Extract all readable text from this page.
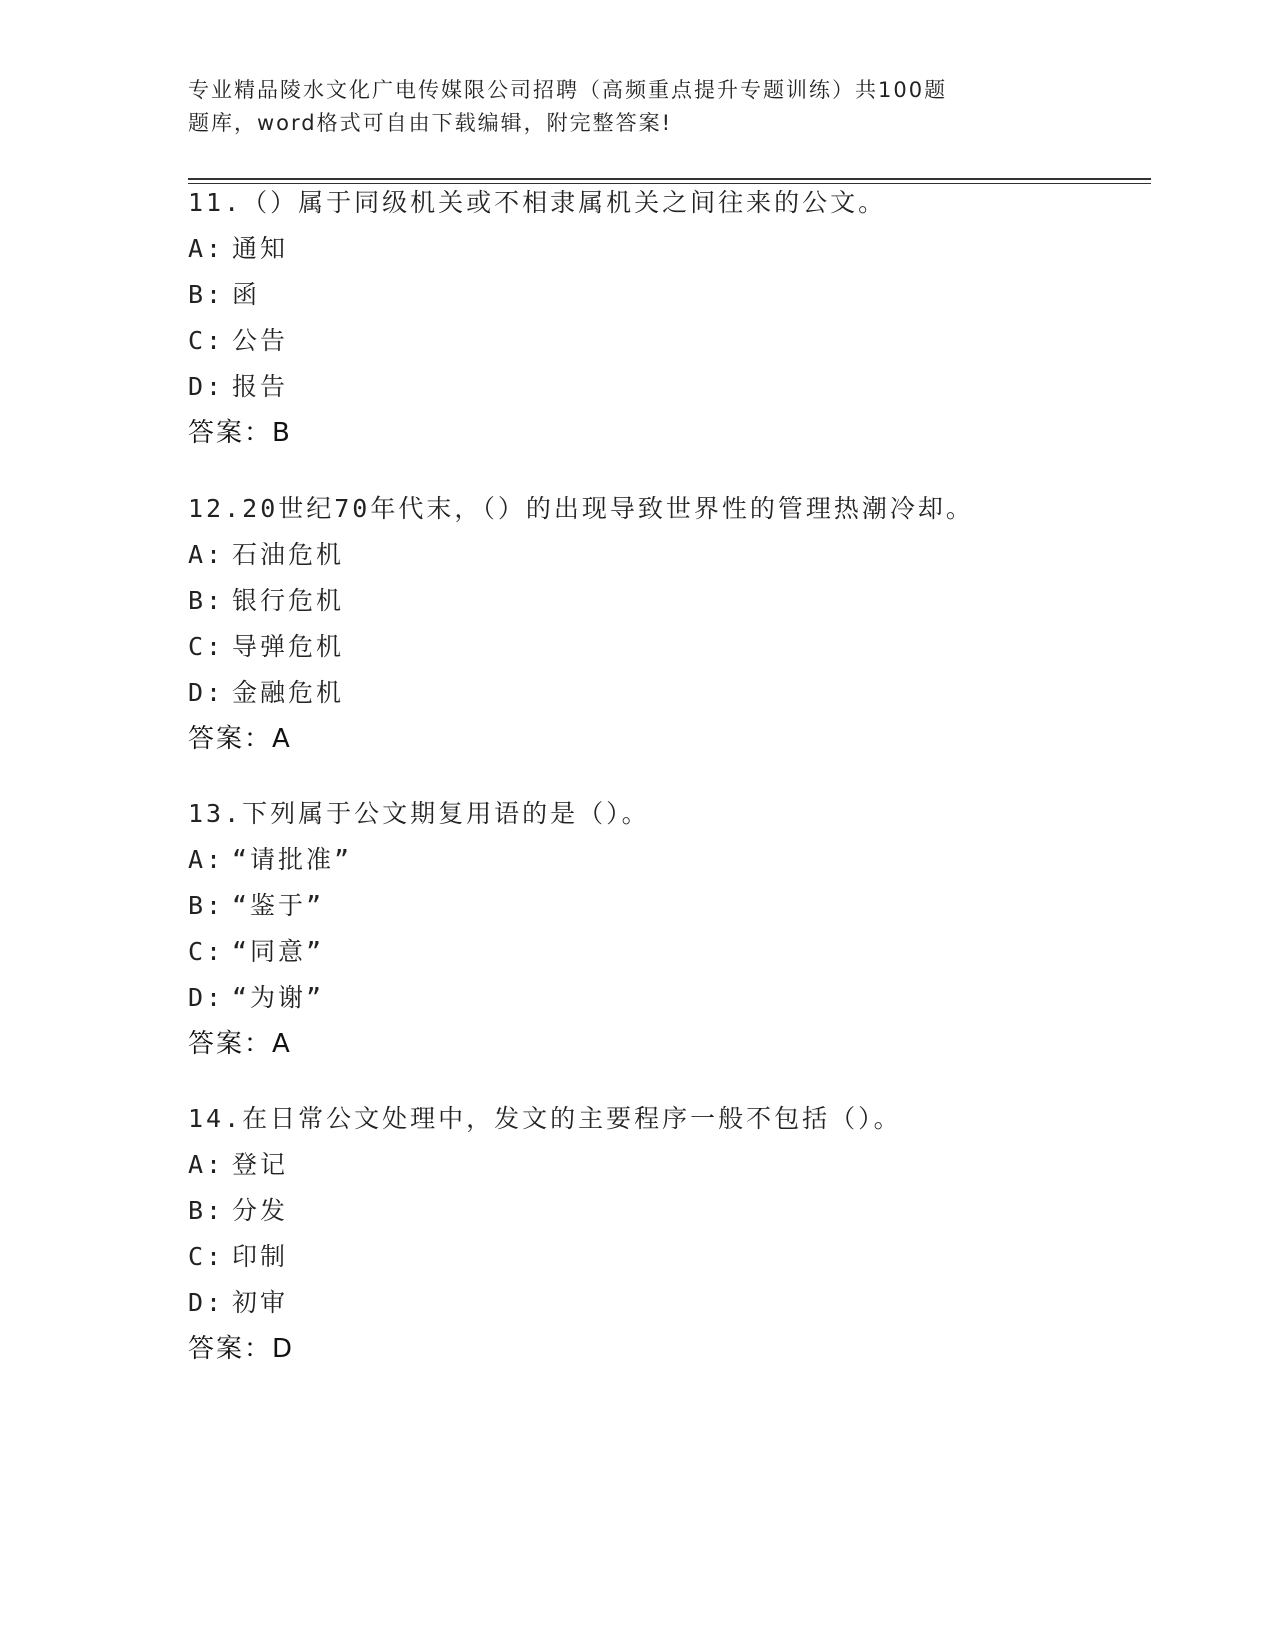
专业精品陵水文化广电传媒限公司招聘（高频重点提升专题训练）共100题
题库，word格式可自由下载编辑，附完整答案!
11.（）属于同级机关或不相隶属机关之间往来的公文。
A: 通知
B: 函
C: 公告
D: 报告
答案：B
12.20世纪70年代末，（）的出现导致世界性的管理热潮冷却。
A: 石油危机
B: 银行危机
C: 导弹危机
D: 金融危机
答案：A
13.下列属于公文期复用语的是（）。
A: “请批准”
B: “鉴于”
C: “同意”
D: “为谢”
答案：A
14.在日常公文处理中，发文的主要程序一般不包括（）。
A: 登记
B: 分发
C: 印制
D: 初审
答案：D
